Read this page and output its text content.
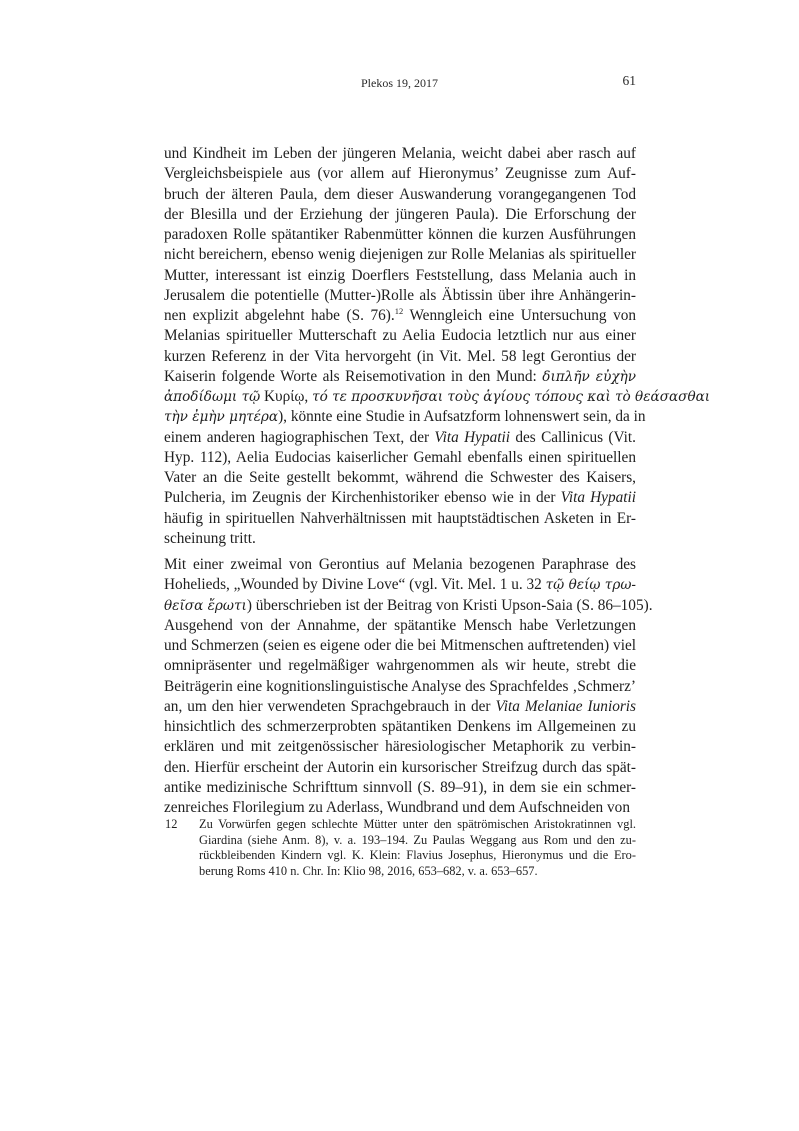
Plekos 19, 2017	61

und Kindheit im Leben der jüngeren Melania, weicht dabei aber rasch auf
Vergleichsbeispiele aus (vor allem auf Hieronymus’ Zeugnisse zum Auf-
bruch der älteren Paula, dem dieser Auswanderung vorangegangenen Tod
der Blesilla und der Erziehung der jüngeren Paula). Die Erforschung der
paradoxen Rolle spätantiker Rabenmütter können die kurzen Ausführungen
nicht bereichern, ebenso wenig diejenigen zur Rolle Melanias als spiritueller
Mutter, interessant ist einzig Doerflers Feststellung, dass Melania auch in
Jerusalem die potentielle (Mutter-)Rolle als Äbtissin über ihre Anhängerin-
nen explizit abgelehnt habe (S. 76).$^{12}$ Wenngleich eine Untersuchung von
Melanias spiritueller Mutterschaft zu Aelia Eudocia letztlich nur aus einer
kurzen Referenz in der Vita hervorgeht (in Vit. Mel. 58 legt Gerontius der
Kaiserin folgende Worte als Reisemotivation in den Mund: διπλῆν εὐχὴν
ἀποδίδωμι τῷ Κυρίῳ, τό τε προσκυνῆσαι τοὺς ἁγίους τόπους καὶ τὸ θεάσασθαι
τὴν ἐμὴν μητέρα), könnte eine Studie in Aufsatzform lohnenswert sein, da in
einem anderen hagiographischen Text, der Vita Hypatii des Callinicus (Vit.
Hyp. 112), Aelia Eudocias kaiserlicher Gemahl ebenfalls einen spirituellen
Vater an die Seite gestellt bekommt, während die Schwester des Kaisers,
Pulcheria, im Zeugnis der Kirchenhistoriker ebenso wie in der Vita Hypatii
häufig in spirituellen Nahverhältnissen mit hauptstädtischen Asketen in Er-
scheinung tritt.

Mit einer zweimal von Gerontius auf Melania bezogenen Paraphrase des
Hohelieds, „Wounded by Divine Love“ (vgl. Vit. Mel. 1 u. 32 τῷ θείῳ τρω-
θεῖσα ἔρωτι) überschrieben ist der Beitrag von Kristi Upson-Saia (S. 86–105).
Ausgehend von der Annahme, der spätantike Mensch habe Verletzungen
und Schmerzen (seien es eigene oder die bei Mitmenschen auftretenden) viel
omnipräsenter und regelmäßiger wahrgenommen als wir heute, strebt die
Beiträgerin eine kognitionslinguistische Analyse des Sprachfeldes ‚Schmerz’
an, um den hier verwendeten Sprachgebrauch in der Vita Melaniae Iunioris
hinsichtlich des schmerzerprobten spätantiken Denkens im Allgemeinen zu
erklären und mit zeitgenössischer häresiologischer Metaphorik zu verbin-
den. Hierfür erscheint der Autorin ein kursorischer Streifzug durch das spät-
antike medizinische Schrifttum sinnvoll (S. 89–91), in dem sie ein schmer-
zenreiches Florilegium zu Aderlass, Wundbrand und dem Aufschneiden von

12 Zu Vorwürfen gegen schlechte Mütter unter den spätrömischen Aristokratinnen vgl.
Giardina (siehe Anm. 8), v. a. 193–194. Zu Paulas Weggang aus Rom und den zu-
rückbleibenden Kindern vgl. K. Klein: Flavius Josephus, Hieronymus und die Ero-
berung Roms 410 n. Chr. In: Klio 98, 2016, 653–682, v. a. 653–657.
